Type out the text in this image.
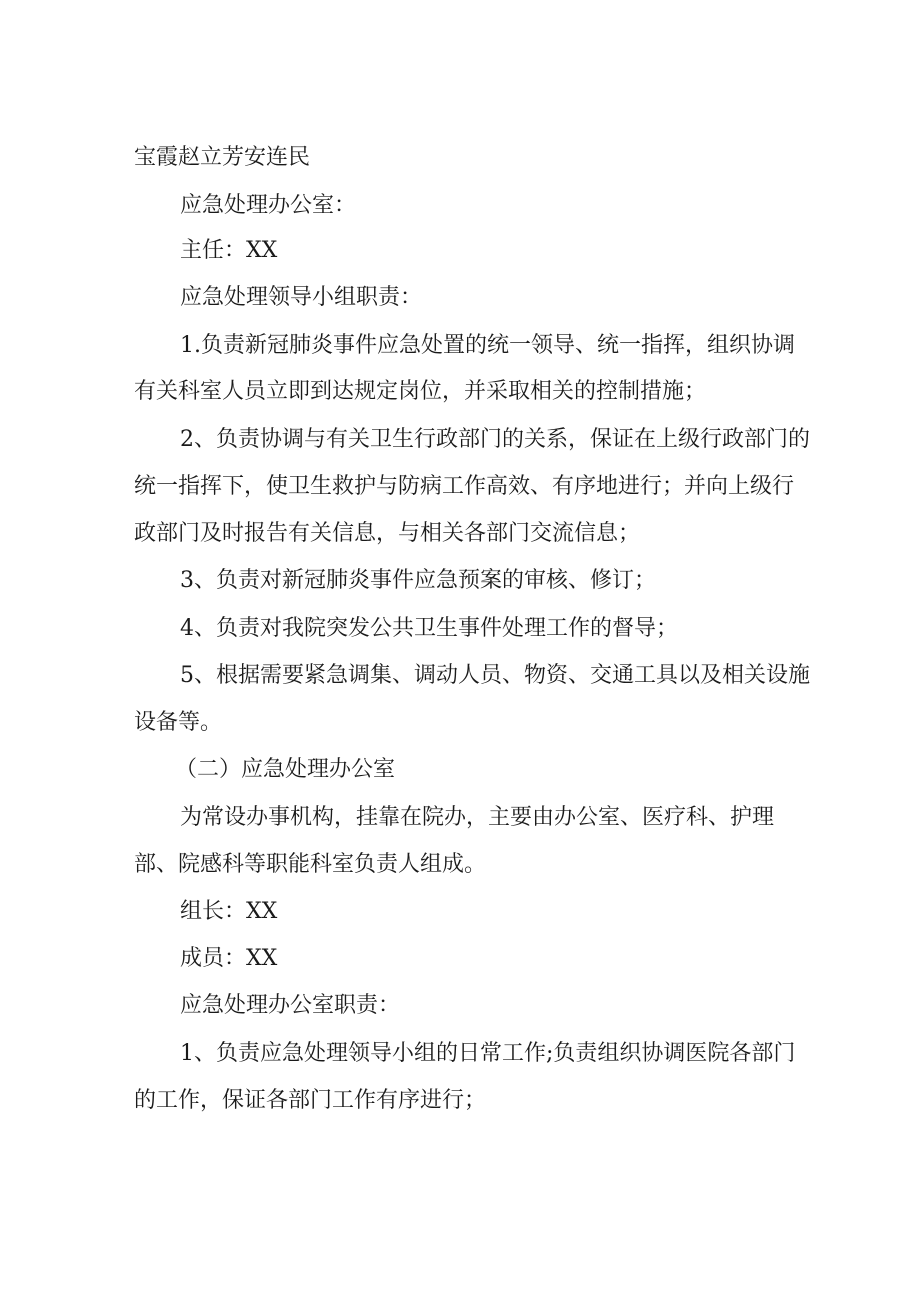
宝霞赵立芳安连民
应急处理办公室：
主任：XX
应急处理领导小组职责：
1.负责新冠肺炎事件应急处置的统一领导、统一指挥，组织协调
有关科室人员立即到达规定岗位，并采取相关的控制措施；
2、负责协调与有关卫生行政部门的关系，保证在上级行政部门的
统一指挥下，使卫生救护与防病工作高效、有序地进行；并向上级行
政部门及时报告有关信息，与相关各部门交流信息；
3、负责对新冠肺炎事件应急预案的审核、修订；
4、负责对我院突发公共卫生事件处理工作的督导；
5、根据需要紧急调集、调动人员、物资、交通工具以及相关设施
设备等。
（二）应急处理办公室
为常设办事机构，挂靠在院办，主要由办公室、医疗科、护理
部、院感科等职能科室负责人组成。
组长：XX
成员：XX
应急处理办公室职责：
1、负责应急处理领导小组的日常工作;负责组织协调医院各部门
的工作，保证各部门工作有序进行；
